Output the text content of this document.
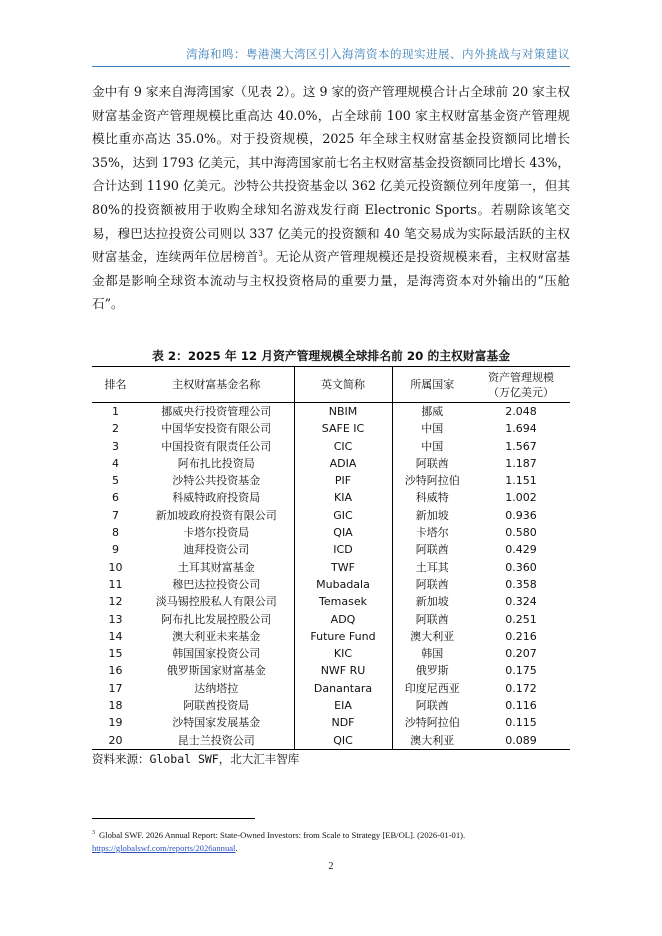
湾海和鸣：粤港澳大湾区引入海湾资本的现实进展、内外挑战与对策建议

金中有 9 家来自海湾国家（见表 2）。这 9 家的资产管理规模合计占全球前 20 家主权财富基金资产管理规模比重高达 40.0%，占全球前 100 家主权财富基金资产管理规模比重亦高达 35.0%。对于投资规模，2025 年全球主权财富基金投资额同比增长 35%，达到 1793 亿美元，其中海湾国家前七名主权财富基金投资额同比增长 43%，合计达到 1190 亿美元。沙特公共投资基金以 362 亿美元投资额位列年度第一，但其 80%的投资额被用于收购全球知名游戏发行商 Electronic Sports。若剔除该笔交易，穆巴达拉投资公司则以 337 亿美元的投资额和 40 笔交易成为实际最活跃的主权财富基金，连续两年位居榜首$^3$。无论从资产管理规模还是投资规模来看，主权财富基金都是影响全球资本流动与主权投资格局的重要力量，是海湾资本对外输出的“压舱石”。

表 2：2025 年 12 月资产管理规模全球排名前 20 的主权财富基金
排名	主权财富基金名称	英文简称	所属国家	资产管理规模
（万亿美元）
1	挪威央行投资管理公司	NBIM	挪威	2.048
2	中国华安投资有限公司	SAFE IC	中国	1.694
3	中国投资有限责任公司	CIC	中国	1.567
4	阿布扎比投资局	ADIA	阿联酋	1.187
5	沙特公共投资基金	PIF	沙特阿拉伯	1.151
6	科威特政府投资局	KIA	科威特	1.002
7	新加坡政府投资有限公司	GIC	新加坡	0.936
8	卡塔尔投资局	QIA	卡塔尔	0.580
9	迪拜投资公司	ICD	阿联酋	0.429
10	土耳其财富基金	TWF	土耳其	0.360
11	穆巴达拉投资公司	Mubadala	阿联酋	0.358
12	淡马锡控股私人有限公司	Temasek	新加坡	0.324
13	阿布扎比发展控股公司	ADQ	阿联酋	0.251
14	澳大利亚未来基金	Future Fund	澳大利亚	0.216
15	韩国国家投资公司	KIC	韩国	0.207
16	俄罗斯国家财富基金	NWF RU	俄罗斯	0.175
17	达纳塔拉	Danantara	印度尼西亚	0.172
18	阿联酋投资局	EIA	阿联酋	0.116
19	沙特国家发展基金	NDF	沙特阿拉伯	0.115
20	昆士兰投资公司	QIC	澳大利亚	0.089
资料来源：Global SWF，北大汇丰智库
$^3$ Global SWF. 2026 Annual Report: State-Owned Investors: from Scale to Strategy [EB/OL]. (2026-01-01).
https://globalswf.com/reports/2026annual.
2
